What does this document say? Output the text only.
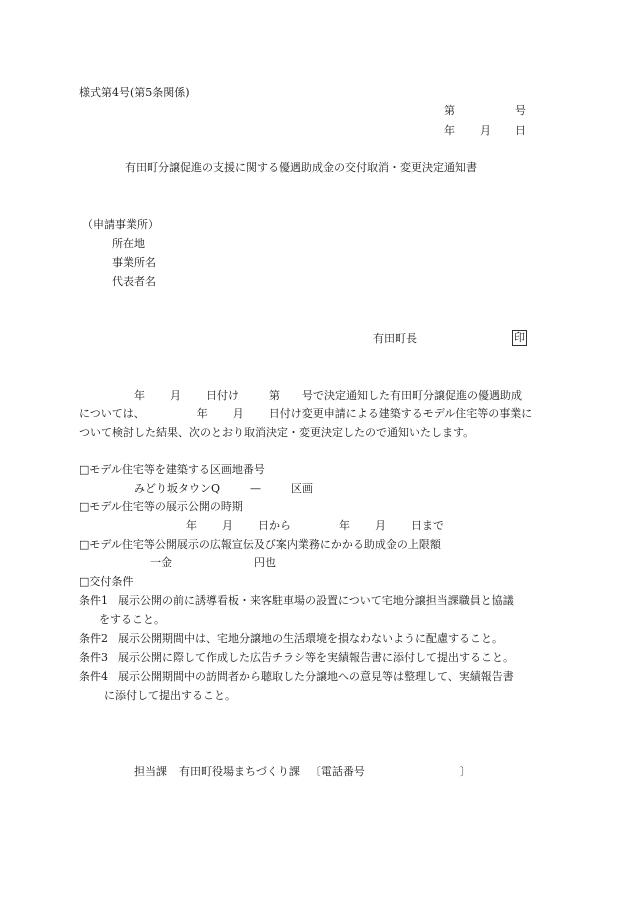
様式第4号(第5条関係)
第	号
年 月 日
有田町分譲促進の支援に関する優遇助成金の交付取消・変更決定通知書
（申請事業所）
所在地
事業所名
代表者名
有田町長	印
年 月 日付け	第 号で決定通知した有田町分譲促進の優遇助成
については、	年 月 日付け変更申請による建築するモデル住宅等の事業に
ついて検討した結果、次のとおり取消決定・変更決定したので通知いたします。
□モデル住宅等を建築する区画地番号
みどり坂タウンQ	—	区画
□モデル住宅等の展示公開の時期
年 月 日から	年 月 日まで
□モデル住宅等公開展示の広報宣伝及び案内業務にかかる助成金の上限額
一金	円也
□交付条件
条件1 展示公開の前に誘導看板・来客駐車場の設置について宅地分譲担当課職員と協議
をすること。
条件2 展示公開期間中は、宅地分譲地の生活環境を損なわないように配慮すること。
条件3 展示公開に際して作成した広告チラシ等を実績報告書に添付して提出すること。
条件4 展示公開期間中の訪問者から聴取した分譲地への意見等は整理して、実績報告書
に添付して提出すること。
担当課 有田町役場まちづくり課 〔電話番号	〕
